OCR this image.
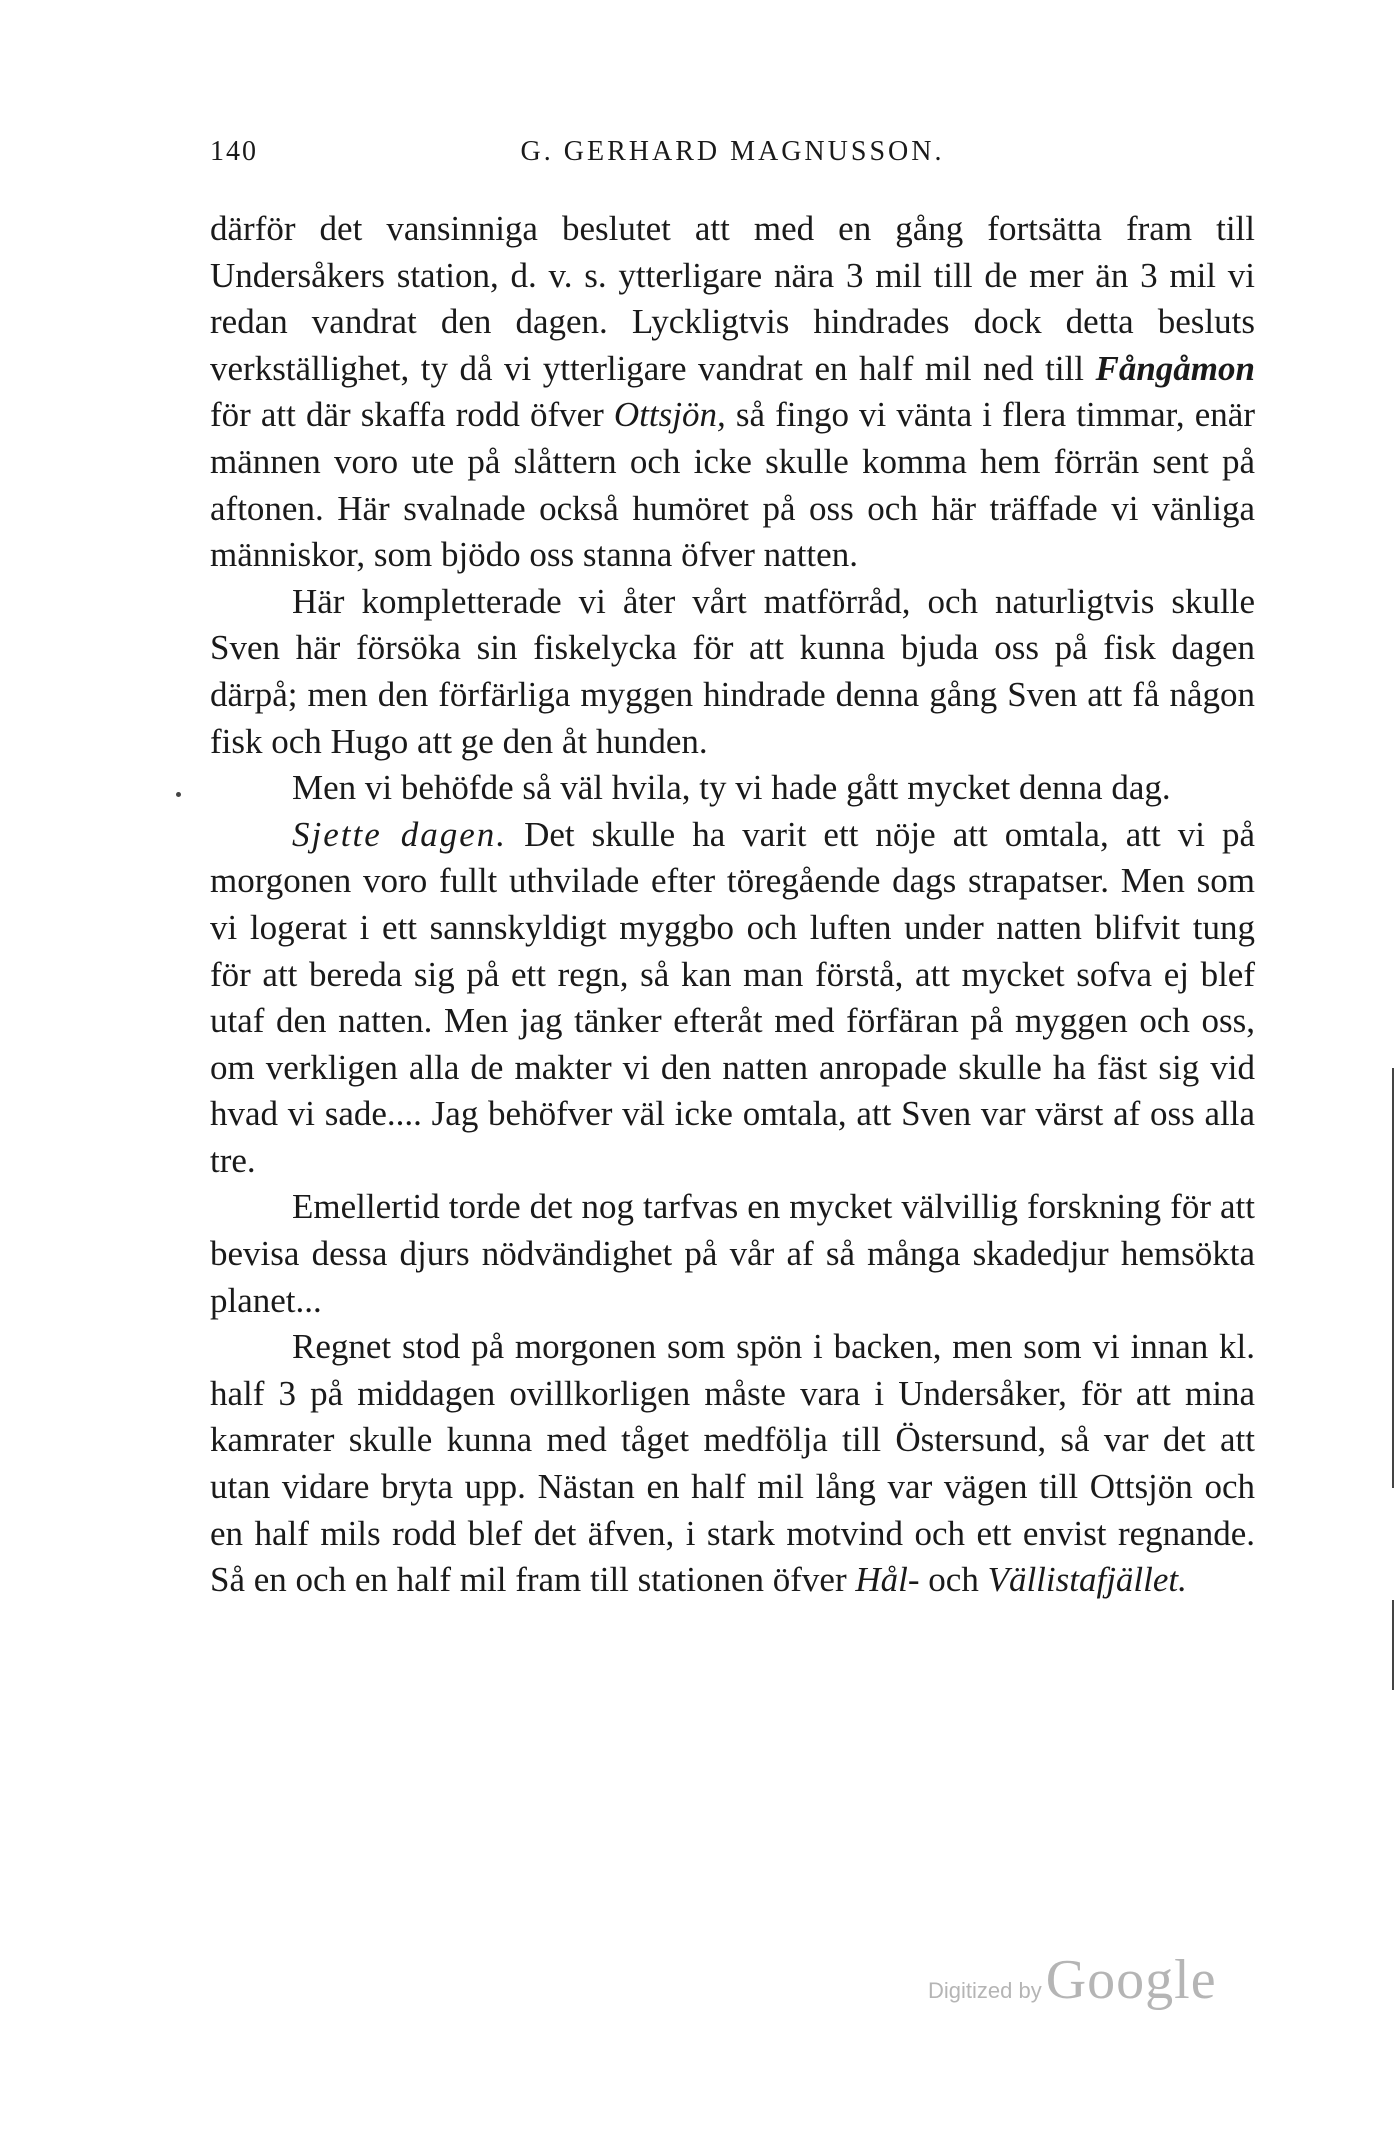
140	G. GERHARD MAGNUSSON.

därför det vansinniga beslutet att med en gång fortsätta fram till Undersåkers station, d. v. s. ytterligare nära 3 mil till de mer än 3 mil vi redan vandrat den dagen. Lyckligtvis hindrades dock detta besluts verkställighet, ty då vi ytterligare vandrat en half mil ned till Fångåmon för att där skaffa rodd öfver Ottsjön, så fingo vi vänta i flera timmar, enär männen voro ute på slåttern och icke skulle komma hem förrän sent på aftonen. Här svalnade också humöret på oss och här träffade vi vänliga människor, som bjödo oss stanna öfver natten.

Här kompletterade vi åter vårt matförråd, och naturligtvis skulle Sven här försöka sin fiskelycka för att kunna bjuda oss på fisk dagen därpå; men den förfärliga myggen hindrade denna gång Sven att få någon fisk och Hugo att ge den åt hunden.

Men vi behöfde så väl hvila, ty vi hade gått mycket denna dag.

Sjette dagen. Det skulle ha varit ett nöje att omtala, att vi på morgonen voro fullt uthvilade efter töregående dags strapatser. Men som vi logerat i ett sannskyldigt myggbo och luften under natten blifvit tung för att bereda sig på ett regn, så kan man förstå, att mycket sofva ej blef utaf den natten. Men jag tänker efteråt med förfäran på myggen och oss, om verkligen alla de makter vi den natten anropade skulle ha fäst sig vid hvad vi sade.... Jag behöfver väl icke omtala, att Sven var värst af oss alla tre.

Emellertid torde det nog tarfvas en mycket välvillig forskning för att bevisa dessa djurs nödvändighet på vår af så många skadedjur hemsökta planet...

Regnet stod på morgonen som spön i backen, men som vi innan kl. half 3 på middagen ovillkorligen måste vara i Undersåker, för att mina kamrater skulle kunna med tåget medfölja till Östersund, så var det att utan vidare bryta upp. Nästan en half mil lång var vägen till Ottsjön och en half mils rodd blef det äfven, i stark motvind och ett envist regnande. Så en och en half mil fram till stationen öfver Hål- och Vällistafjället.

Digitized by Google
